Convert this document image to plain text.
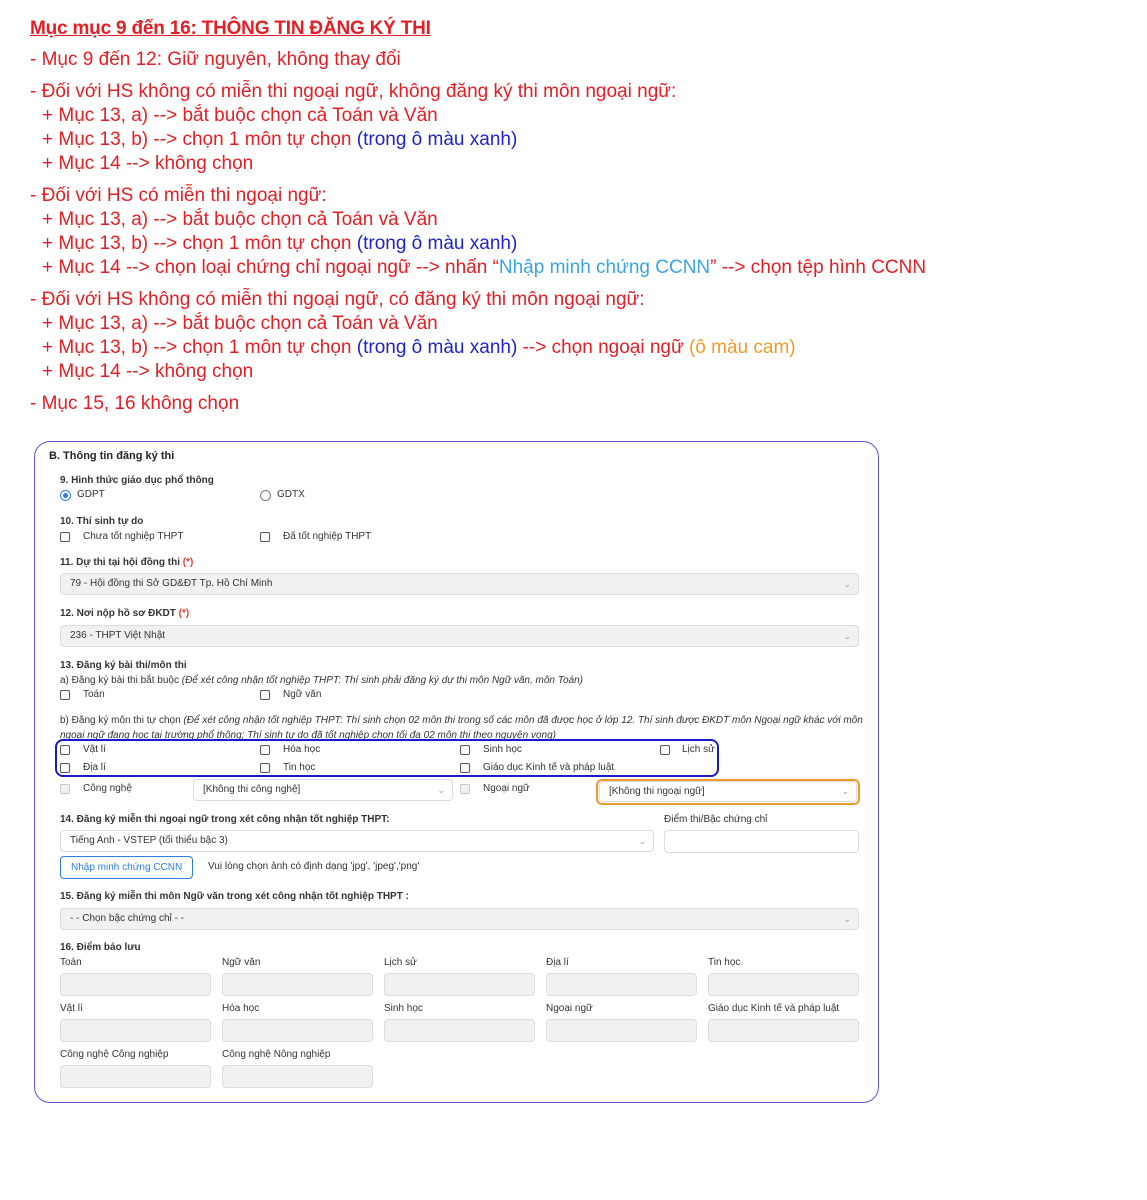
Mục mục 9 đến 16: THÔNG TIN ĐĂNG KÝ THI
- Mục 9 đến 12: Giữ nguyên, không thay đổi
- Đối với HS không có miễn thi ngoại ngữ, không đăng ký thi môn ngoại ngữ:
+ Mục 13, a) --> bắt buộc chọn cả Toán và Văn
+ Mục 13, b) --> chọn 1 môn tự chọn (trong ô màu xanh)
+ Mục 14 --> không chọn
- Đối với HS có miễn thi ngoại ngữ:
+ Mục 13, a) --> bắt buộc chọn cả Toán và Văn
+ Mục 13, b) --> chọn 1 môn tự chọn (trong ô màu xanh)
+ Mục 14 --> chọn loại chứng chỉ ngoại ngữ --> nhấn “Nhập minh chứng CCNN” --> chọn tệp hình CCNN
- Đối với HS không có miễn thi ngoại ngữ, có đăng ký thi môn ngoại ngữ:
+ Mục 13, a) --> bắt buộc chọn cả Toán và Văn
+ Mục 13, b) --> chọn 1 môn tự chọn (trong ô màu xanh) --> chọn ngoại ngữ (ô màu cam)
+ Mục 14 --> không chọn
- Mục 15, 16 không chọn
B. Thông tin đăng ký thi
9. Hình thức giáo dục phổ thông
GDPT	GDTX
10. Thí sinh tự do
Chưa tốt nghiệp THPT	Đã tốt nghiệp THPT
11. Dự thi tại hội đồng thi (*)
79 - Hội đồng thi Sở GD&ĐT Tp. Hồ Chí Minh	⌄
12. Nơi nộp hồ sơ ĐKDT (*)
236 - THPT Việt Nhật	⌄
13. Đăng ký bài thi/môn thi
a) Đăng ký bài thi bắt buộc (Để xét công nhận tốt nghiệp THPT: Thí sinh phải đăng ký dự thi môn Ngữ văn, môn Toán)
Toán	Ngữ văn
b) Đăng ký môn thi tự chọn (Để xét công nhận tốt nghiệp THPT: Thí sinh chọn 02 môn thi trong số các môn đã được học ở lớp 12. Thí sinh được ĐKDT môn Ngoại ngữ khác với môn
ngoại ngữ đang học tại trường phổ thông; Thí sinh tự do đã tốt nghiệp chọn tối đa 02 môn thi theo nguyện vọng)
Vật lí	Hóa học	Sinh học	Lịch sử
Địa lí	Tin học	Giáo dục Kinh tế và pháp luật
Công nghệ	[Không thi công nghệ]	⌄	Ngoại ngữ	[Không thi ngoại ngữ]	⌄
14. Đăng ký miễn thi ngoại ngữ trong xét công nhận tốt nghiệp THPT:	Điểm thi/Bậc chứng chỉ
Tiếng Anh - VSTEP (tối thiểu bậc 3)	⌄
Nhập minh chứng CCNN	Vui lòng chọn ảnh có định dạng 'jpg', 'jpeg','png'
15. Đăng ký miễn thi môn Ngữ văn trong xét công nhận tốt nghiệp THPT :
- - Chọn bậc chứng chỉ - -	⌄
16. Điểm bảo lưu
Toán	Ngữ văn	Lịch sử	Địa lí	Tin học
Vật lí	Hóa học	Sinh học	Ngoại ngữ	Giáo dục Kinh tế và pháp luật
Công nghệ Công nghiệp	Công nghệ Nông nghiệp
